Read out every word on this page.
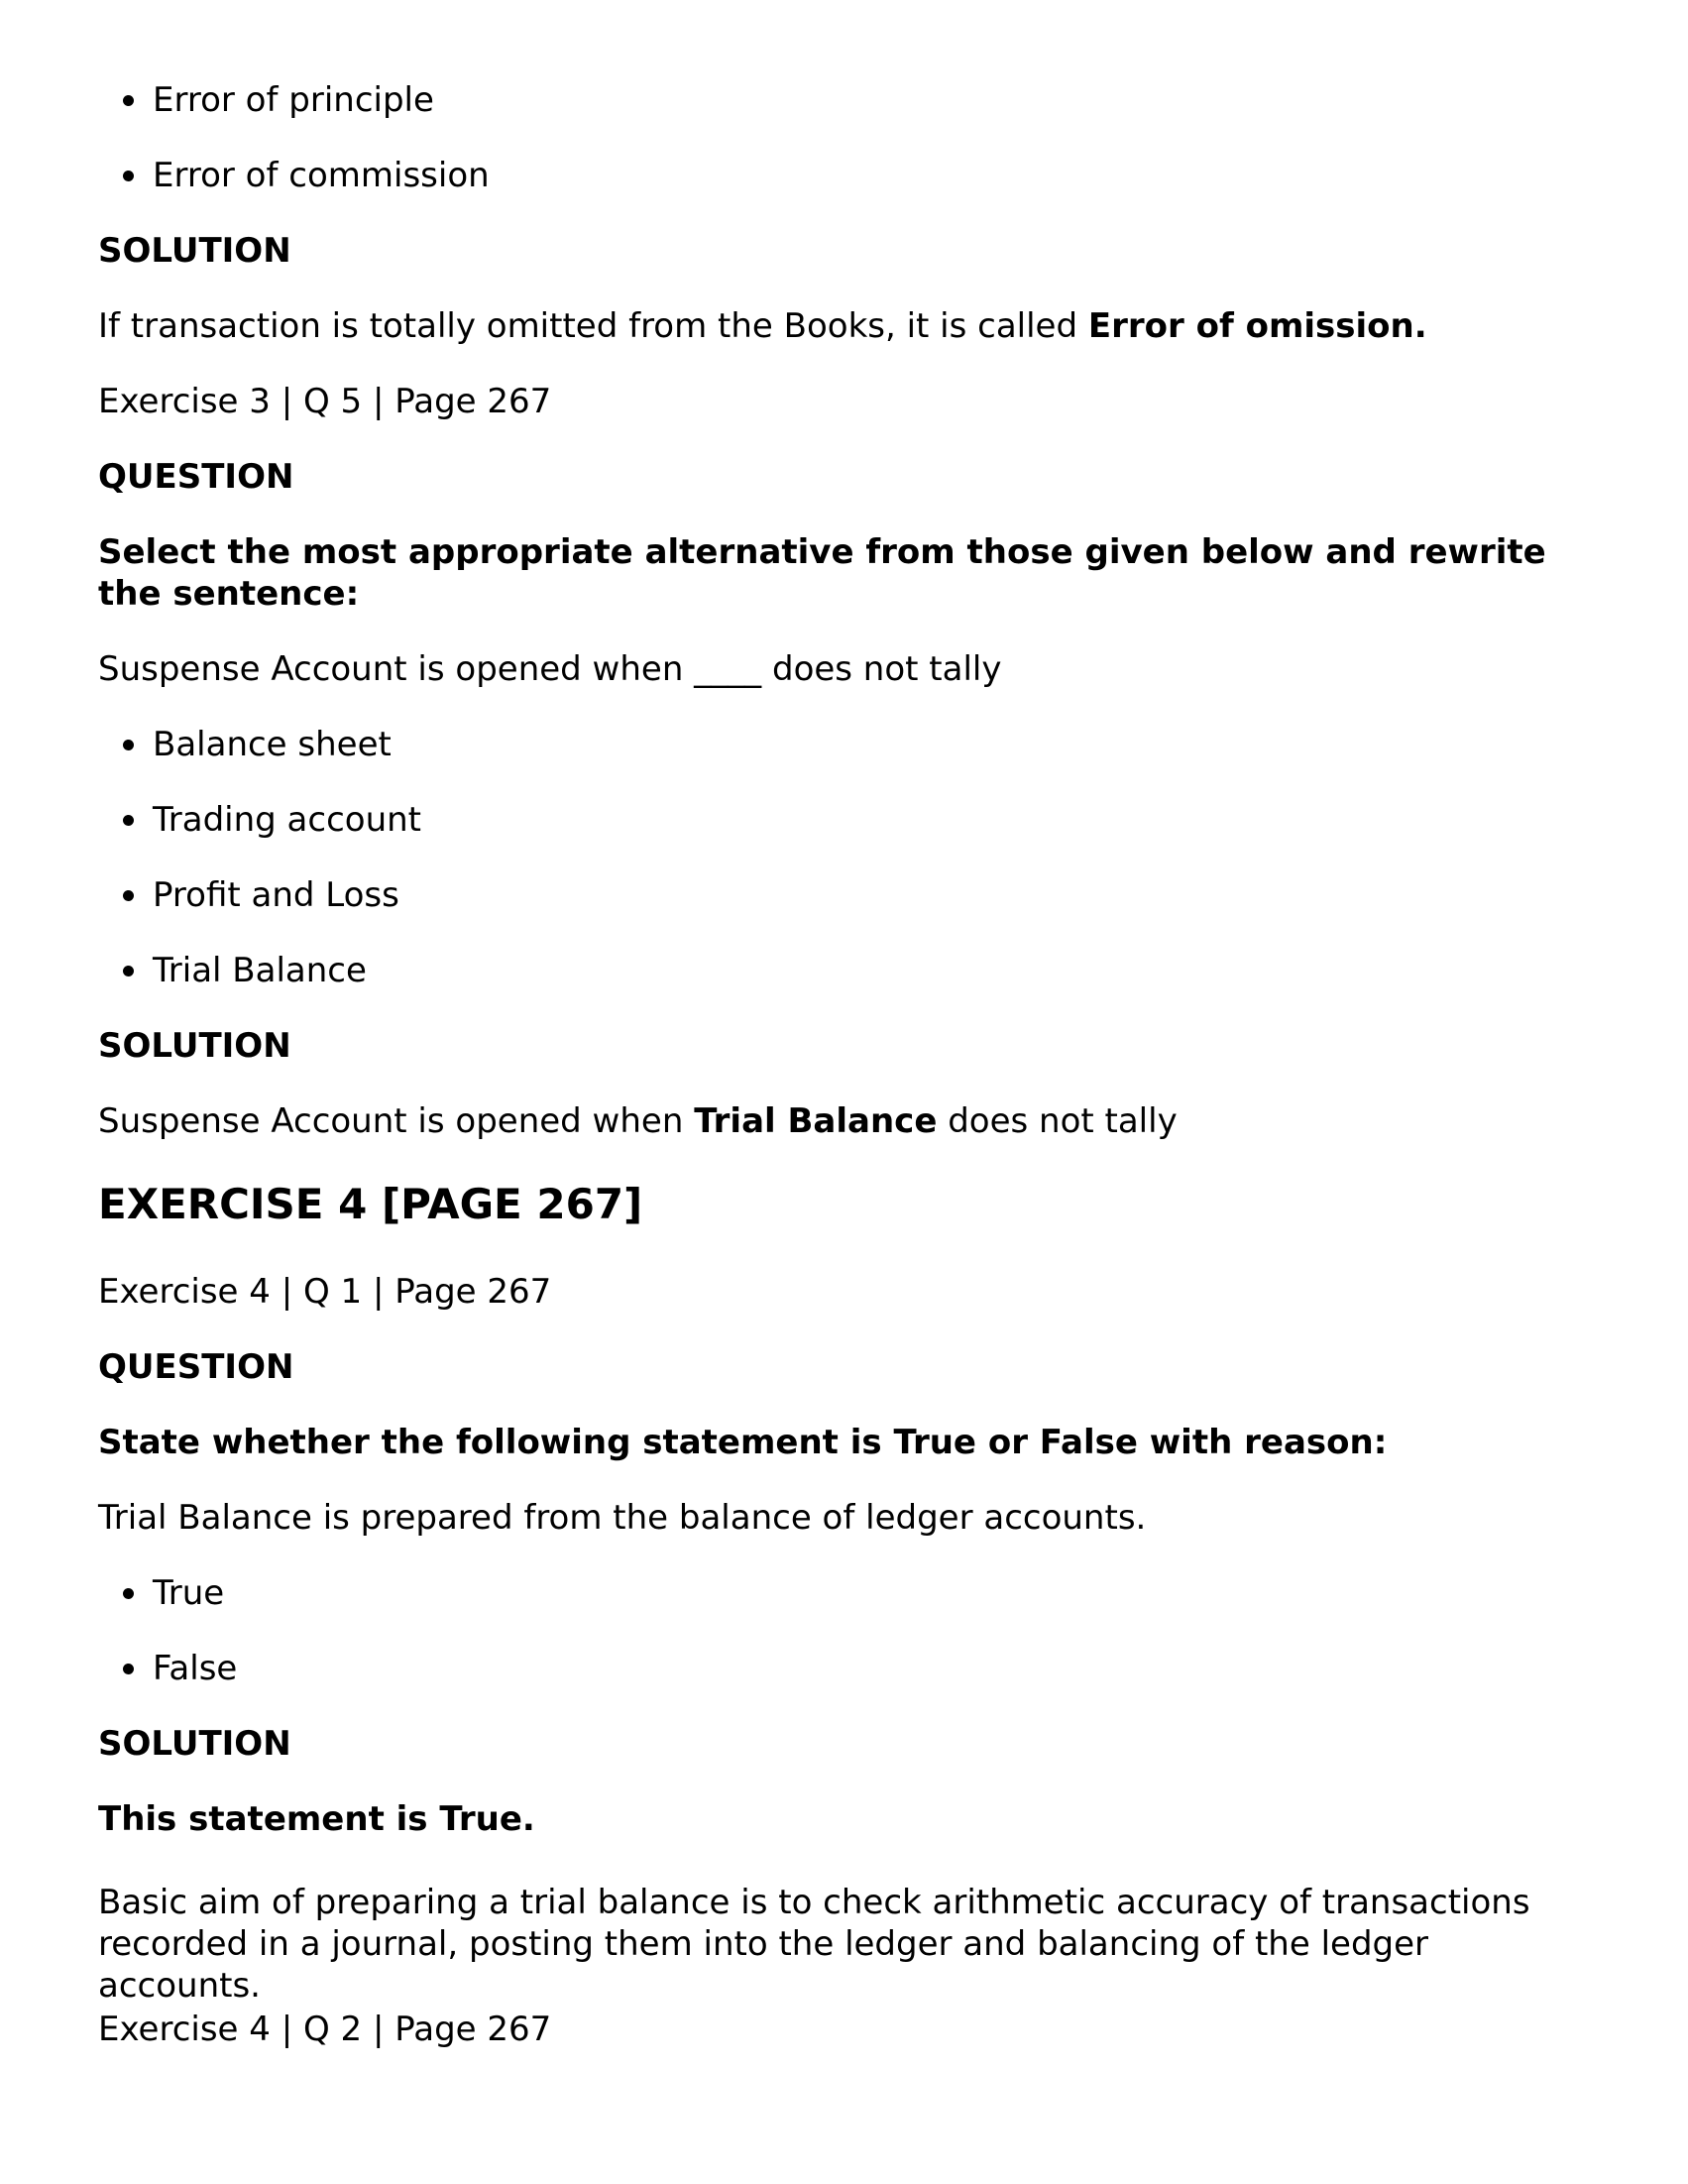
Error of principle

Error of commission

SOLUTION

If transaction is totally omitted from the Books, it is called Error of omission.

Exercise 3 | Q 5 | Page 267

QUESTION

Select the most appropriate alternative from those given below and rewrite the sentence:

Suspense Account is opened when ____ does not tally

Balance sheet

Trading account

Profit and Loss

Trial Balance

SOLUTION

Suspense Account is opened when Trial Balance does not tally

EXERCISE 4 [PAGE 267]

Exercise 4 | Q 1 | Page 267

QUESTION

State whether the following statement is True or False with reason:

Trial Balance is prepared from the balance of ledger accounts.

True

False

SOLUTION

This statement is True.

Basic aim of preparing a trial balance is to check arithmetic accuracy of transactions recorded in a journal, posting them into the ledger and balancing of the ledger accounts.

Exercise 4 | Q 2 | Page 267
